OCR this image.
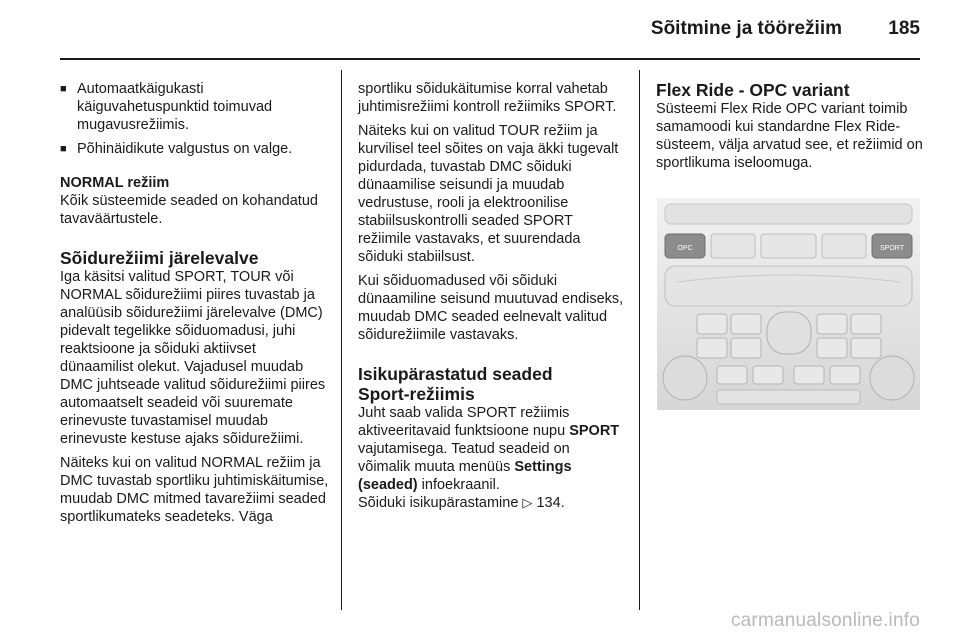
Sõitmine ja töörežiim 185
■ Automaatkäigukasti käiguvahetuspunktid toimuvad mugavusrežiimis.
■ Põhinäidikute valgustus on valge.
NORMAL režiim
Kõik süsteemide seaded on kohandatud tavaväärtustele.
Sõidurežiimi järelevalve
Iga käsitsi valitud SPORT, TOUR või NORMAL sõidurežiimi piires tuvastab ja analüüsib sõidurežiimi järelevalve (DMC) pidevalt tegelikke sõiduomadusi, juhi reaktsioone ja sõiduki aktiivset dünaamilist olekut. Vajadusel muudab DMC juhtseade valitud sõidurežiimi piires automaatselt seadeid või suuremate erinevuste tuvastamisel muudab erinevuste kestuse ajaks sõidurežiimi.
Näiteks kui on valitud NORMAL režiim ja DMC tuvastab sportliku juhtimiskäitumise, muudab DMC mitmed tavarežiimi seaded sportlikumateks seadeteks. Väga
sportliku sõidukäitumise korral vahetab juhtimisrežiimi kontroll režiimiks SPORT.
Näiteks kui on valitud TOUR režiim ja kurvilisel teel sõites on vaja äkki tugevalt pidurdada, tuvastab DMC sõiduki dünaamilise seisundi ja muudab vedrustuse, rooli ja elektroonilise stabiilsuskontrolli seaded SPORT režiimile vastavaks, et suurendada sõiduki stabiilsust.
Kui sõiduomadused või sõiduki dünaamiline seisund muutuvad endiseks, muudab DMC seaded eelnevalt valitud sõidurežiimile vastavaks.
Isikupärastatud seaded
Sport-režiimis
Juht saab valida SPORT režiimis aktiveeritavaid funktsioone nupu SPORT vajutamisega. Teatud seadeid on võimalik muuta menüüs Settings (seaded) infoekraanil.
Sõiduki isikupärastamine ▷ 134.
Flex Ride - OPC variant
Süsteemi Flex Ride OPC variant toimib samamoodi kui standardne Flex Ride-süsteem, välja arvatud see, et režiimid on sportlikuma iseloomuga.
OPC	SPORT
carmanualsonline.info
